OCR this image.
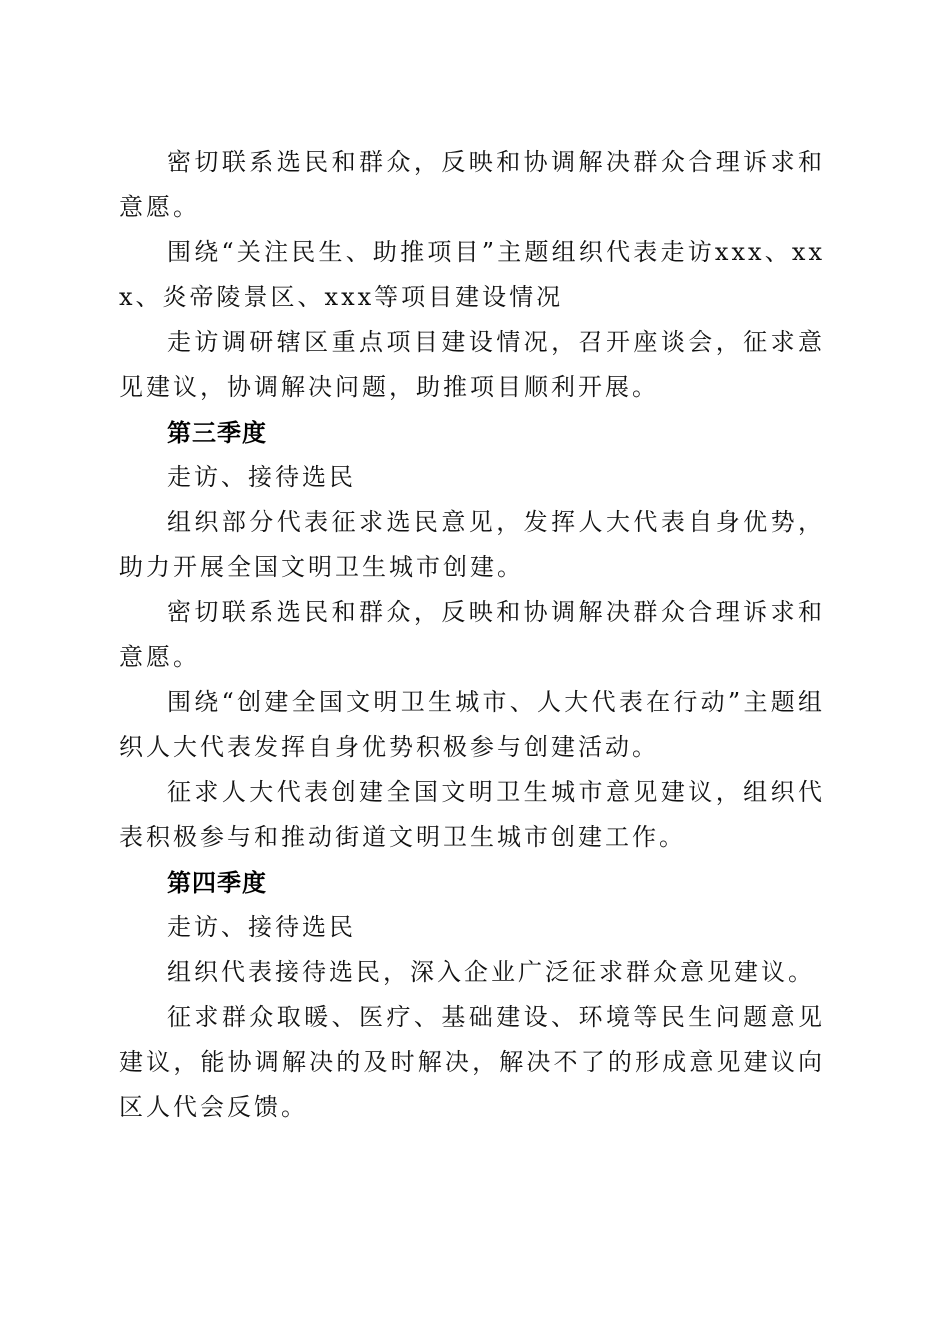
密切联系选民和群众，反映和协调解决群众合理诉求和意愿。

围绕“关注民生、助推项目”主题组织代表走访xxx、xxx、炎帝陵景区、xxx等项目建设情况

走访调研辖区重点项目建设情况，召开座谈会，征求意见建议，协调解决问题，助推项目顺利开展。

第三季度

走访、接待选民

组织部分代表征求选民意见，发挥人大代表自身优势，助力开展全国文明卫生城市创建。

密切联系选民和群众，反映和协调解决群众合理诉求和意愿。

围绕“创建全国文明卫生城市、人大代表在行动”主题组织人大代表发挥自身优势积极参与创建活动。

征求人大代表创建全国文明卫生城市意见建议，组织代表积极参与和推动街道文明卫生城市创建工作。

第四季度

走访、接待选民

组织代表接待选民，深入企业广泛征求群众意见建议。

征求群众取暖、医疗、基础建设、环境等民生问题意见建议，能协调解决的及时解决，解决不了的形成意见建议向区人代会反馈。
